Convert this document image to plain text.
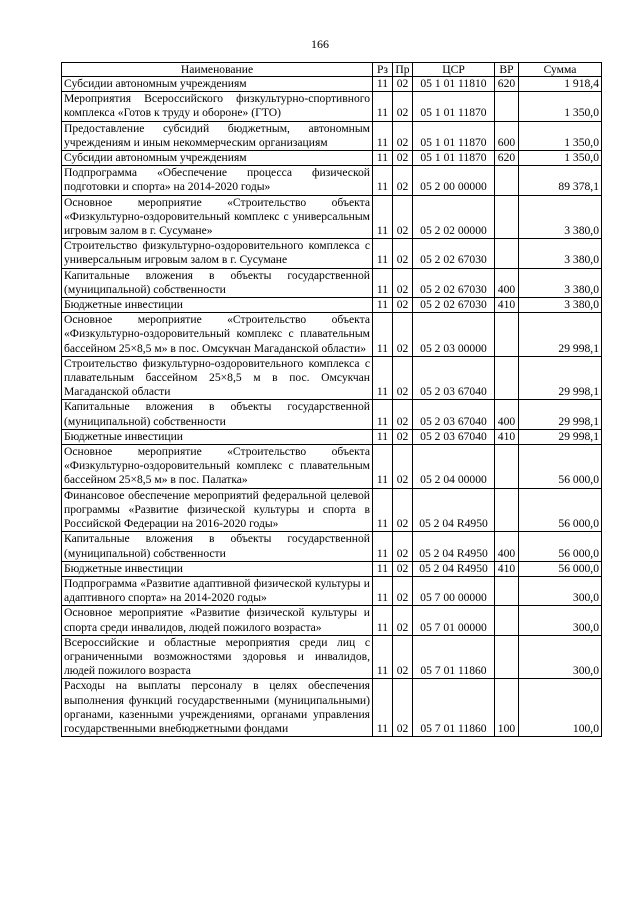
166
Наименование	Рз	Пр	ЦСР	ВР	Сумма
Субсидии автономным учреждениям	11	02	05 1 01 11810	620	1 918,4
Мероприятия Всероссийского физкультурно-спортивного комплекса «Готов к труду и обороне» (ГТО)	11	02	05 1 01 11870		1 350,0
Предоставление субсидий бюджетным, автономным учреждениям и иным некоммерческим организациям	11	02	05 1 01 11870	600	1 350,0
Субсидии автономным учреждениям	11	02	05 1 01 11870	620	1 350,0
Подпрограмма «Обеспечение процесса физической подготовки и спорта» на 2014-2020 годы»	11	02	05 2 00 00000		89 378,1
Основное мероприятие «Строительство объекта «Физкультурно-оздоровительный комплекс с универсальным игровым залом в г. Сусумане»	11	02	05 2 02 00000		3 380,0
Строительство физкультурно-оздоровительного комплекса с универсальным игровым залом в г. Сусумане	11	02	05 2 02 67030		3 380,0
Капитальные вложения в объекты государственной (муниципальной) собственности	11	02	05 2 02 67030	400	3 380,0
Бюджетные инвестиции	11	02	05 2 02 67030	410	3 380,0
Основное мероприятие «Строительство объекта «Физкультурно-оздоровительный комплекс с плавательным бассейном 25×8,5 м» в пос. Омсукчан Магаданской области»	11	02	05 2 03 00000		29 998,1
Строительство физкультурно-оздоровительного комплекса с плавательным бассейном 25×8,5 м в пос. Омсукчан Магаданской области	11	02	05 2 03 67040		29 998,1
Капитальные вложения в объекты государственной (муниципальной) собственности	11	02	05 2 03 67040	400	29 998,1
Бюджетные инвестиции	11	02	05 2 03 67040	410	29 998,1
Основное мероприятие «Строительство объекта «Физкультурно-оздоровительный комплекс с плавательным бассейном 25×8,5 м» в пос. Палатка»	11	02	05 2 04 00000		56 000,0
Финансовое обеспечение мероприятий федеральной целевой программы «Развитие физической культуры и спорта в Российской Федерации на 2016-2020 годы»	11	02	05 2 04 R4950		56 000,0
Капитальные вложения в объекты государственной (муниципальной) собственности	11	02	05 2 04 R4950	400	56 000,0
Бюджетные инвестиции	11	02	05 2 04 R4950	410	56 000,0
Подпрограмма «Развитие адаптивной физической культуры и адаптивного спорта» на 2014-2020 годы»	11	02	05 7 00 00000		300,0
Основное мероприятие «Развитие физической культуры и спорта среди инвалидов, людей пожилого возраста»	11	02	05 7 01 00000		300,0
Всероссийские и областные мероприятия среди лиц с ограниченными возможностями здоровья и инвалидов, людей пожилого возраста	11	02	05 7 01 11860		300,0
Расходы на выплаты персоналу в целях обеспечения выполнения функций государственными (муниципальными) органами, казенными учреждениями, органами управления государственными внебюджетными фондами	11	02	05 7 01 11860	100	100,0
